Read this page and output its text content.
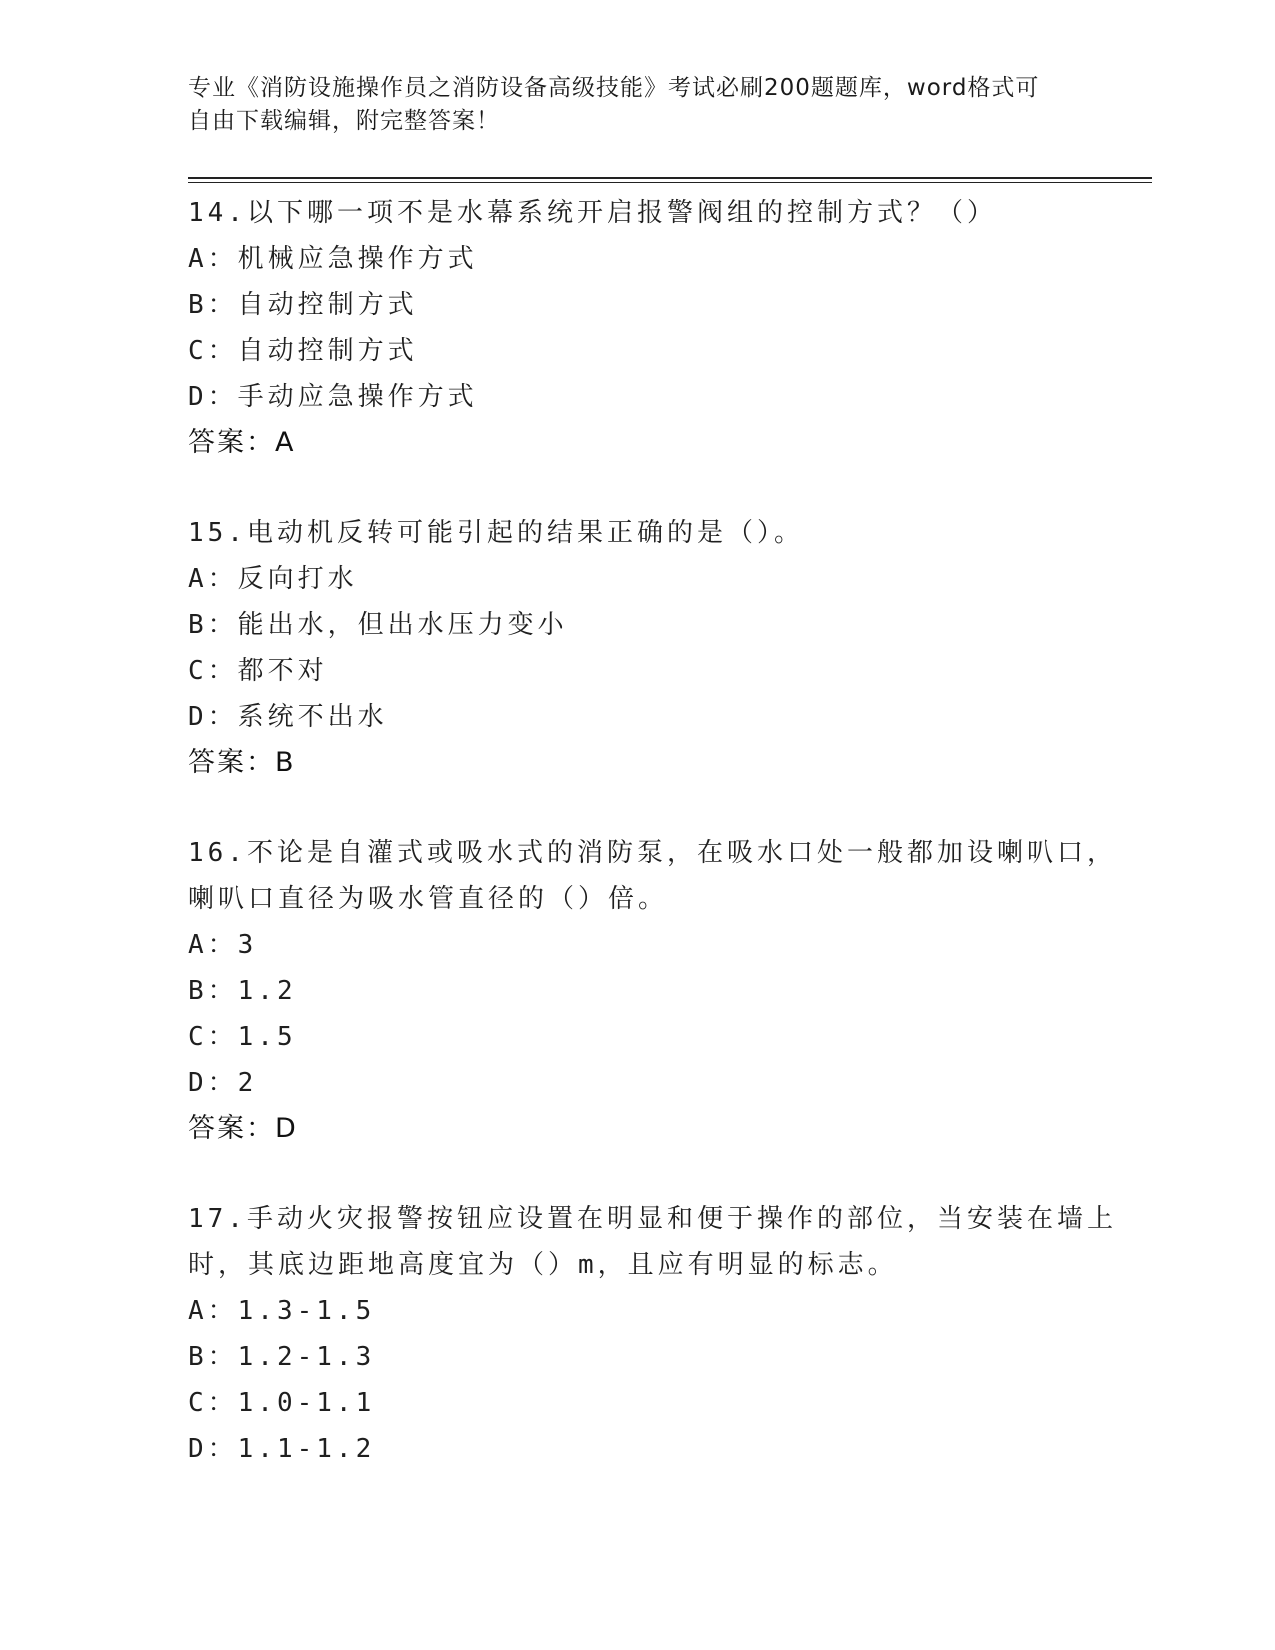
专业《消防设施操作员之消防设备高级技能》考试必刷200题题库，word格式可
自由下载编辑，附完整答案！
14.以下哪一项不是水幕系统开启报警阀组的控制方式？（）
A：机械应急操作方式
B：自动控制方式
C：自动控制方式
D：手动应急操作方式
答案：A
15.电动机反转可能引起的结果正确的是（）。
A：反向打水
B：能出水，但出水压力变小
C：都不对
D：系统不出水
答案：B
16.不论是自灌式或吸水式的消防泵，在吸水口处一般都加设喇叭口，
喇叭口直径为吸水管直径的（）倍。
A：3
B：1.2
C：1.5
D：2
答案：D
17.手动火灾报警按钮应设置在明显和便于操作的部位，当安装在墙上
时，其底边距地高度宜为（）m，且应有明显的标志。
A：1.3-1.5
B：1.2-1.3
C：1.0-1.1
D：1.1-1.2
